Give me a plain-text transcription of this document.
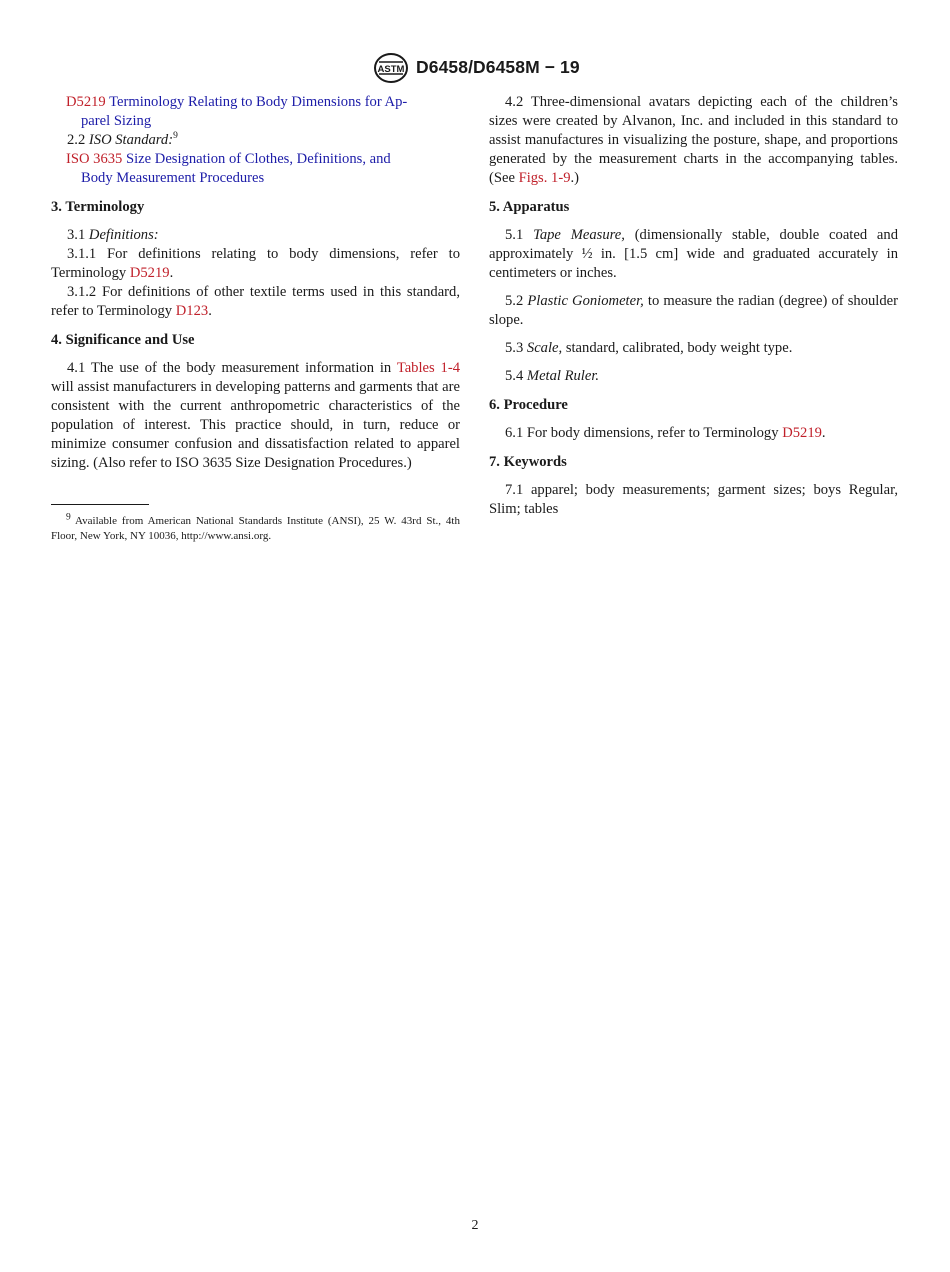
ASTM D6458/D6458M − 19

D5219 Terminology Relating to Body Dimensions for Ap-
parel Sizing

2.2 ISO Standard:$^9$

ISO 3635 Size Designation of Clothes, Definitions, and
Body Measurement Procedures

3. Terminology

3.1 Definitions:

3.1.1 For definitions relating to body dimensions, refer to Terminology D5219.

3.1.2 For definitions of other textile terms used in this standard, refer to Terminology D123.

4. Significance and Use

4.1 The use of the body measurement information in Tables 1-4 will assist manufacturers in developing patterns and garments that are consistent with the current anthropometric characteristics of the population of interest. This practice should, in turn, reduce or minimize consumer confusion and dissatisfaction related to apparel sizing. (Also refer to ISO 3635 Size Designation Procedures.)

$^9$ Available from American National Standards Institute (ANSI), 25 W. 43rd St., 4th Floor, New York, NY 10036, http://www.ansi.org.

4.2 Three-dimensional avatars depicting each of the children’s sizes were created by Alvanon, Inc. and included in this standard to assist manufactures in visualizing the posture, shape, and proportions generated by the measurement charts in the accompanying tables. (See Figs. 1-9.)

5. Apparatus

5.1 Tape Measure, (dimensionally stable, double coated and approximately ½ in. [1.5 cm] wide and graduated accurately in centimeters or inches.

5.2 Plastic Goniometer, to measure the radian (degree) of shoulder slope.

5.3 Scale, standard, calibrated, body weight type.

5.4 Metal Ruler.

6. Procedure

6.1 For body dimensions, refer to Terminology D5219.

7. Keywords

7.1 apparel; body measurements; garment sizes; boys Regular, Slim; tables

2
